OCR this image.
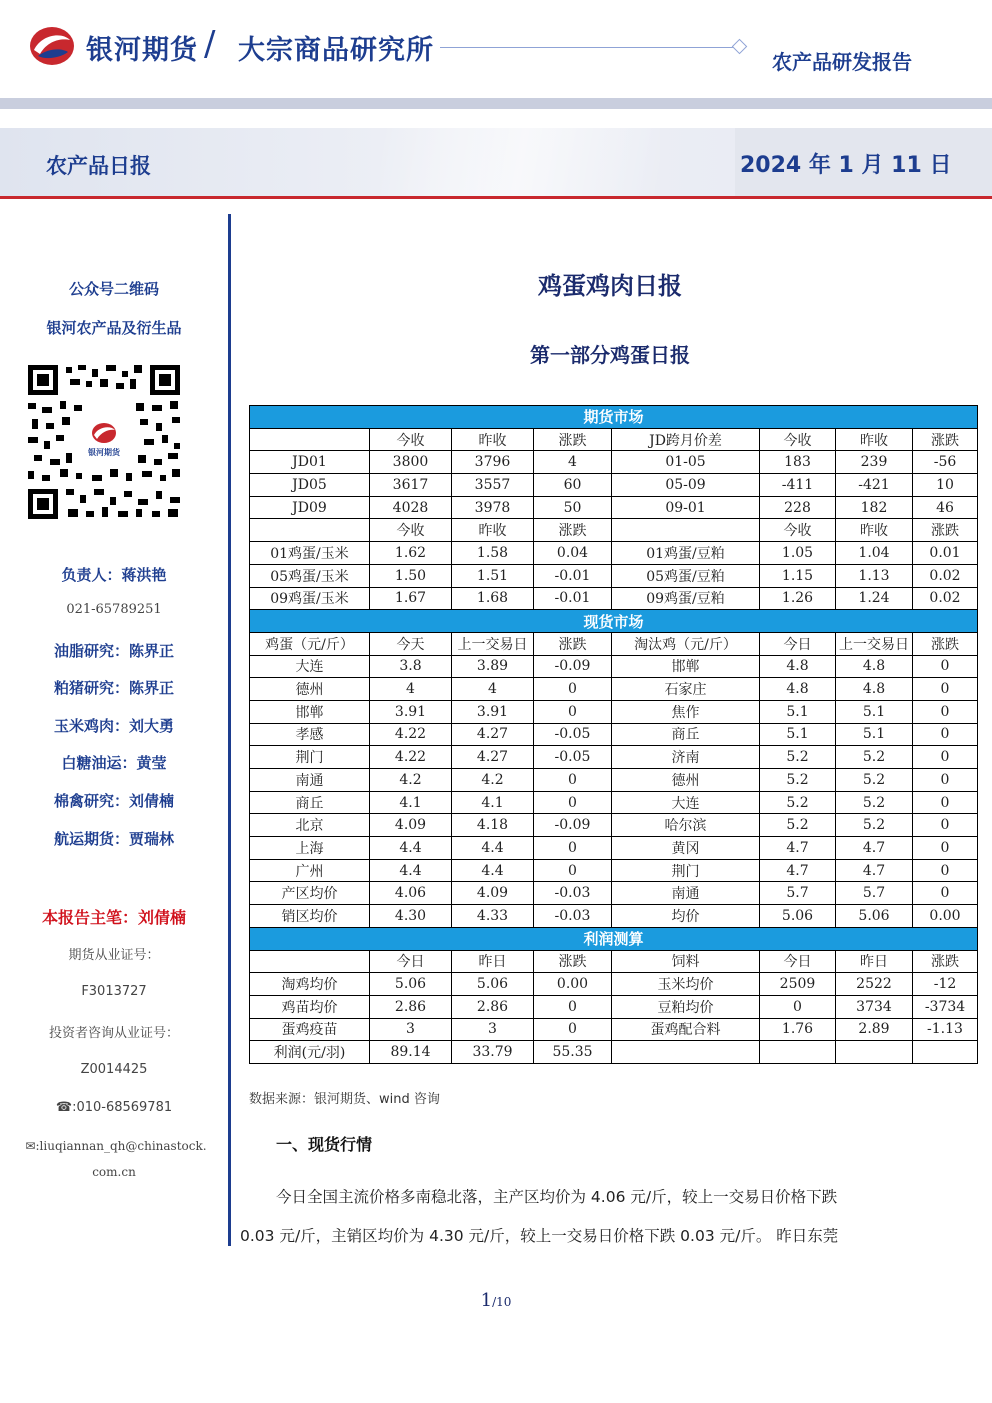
银河期货 / 大宗商品研究所	农产品研发报告
农产品日报	2024 年 1 月 11 日
公众号二维码
银河农产品及衍生品
银河期货
负责人：蒋洪艳
021-65789251
油脂研究：陈界正
粕猪研究：陈界正
玉米鸡肉：刘大勇
白糖油运：黄莹
棉禽研究：刘倩楠
航运期货：贾瑞林
本报告主笔：刘倩楠
期货从业证号：
F3013727
投资者咨询从业证号：
Z0014425
☎:010-68569781
✉:liuqiannan_qh@chinastock.
com.cn
鸡蛋鸡肉日报
第一部分鸡蛋日报
期货市场							
	今收	昨收	涨跌	JD跨月价差	今收	昨收	涨跌
JD01	3800	3796	4	01-05	183	239	-56
JD05	3617	3557	60	05-09	-411	-421	10
JD09	4028	3978	50	09-01	228	182	46
	今收	昨收	涨跌		今收	昨收	涨跌
01鸡蛋/玉米	1.62	1.58	0.04	01鸡蛋/豆粕	1.05	1.04	0.01
05鸡蛋/玉米	1.50	1.51	-0.01	05鸡蛋/豆粕	1.15	1.13	0.02
09鸡蛋/玉米	1.67	1.68	-0.01	09鸡蛋/豆粕	1.26	1.24	0.02
现货市场							
鸡蛋（元/斤）	今天	上一交易日	涨跌	淘汰鸡（元/斤）	今日	上一交易日	涨跌
大连	3.8	3.89	-0.09	邯郸	4.8	4.8	0
德州	4	4	0	石家庄	4.8	4.8	0
邯郸	3.91	3.91	0	焦作	5.1	5.1	0
孝感	4.22	4.27	-0.05	商丘	5.1	5.1	0
荆门	4.22	4.27	-0.05	济南	5.2	5.2	0
南通	4.2	4.2	0	德州	5.2	5.2	0
商丘	4.1	4.1	0	大连	5.2	5.2	0
北京	4.09	4.18	-0.09	哈尔滨	5.2	5.2	0
上海	4.4	4.4	0	黄冈	4.7	4.7	0
广州	4.4	4.4	0	荆门	4.7	4.7	0
产区均价	4.06	4.09	-0.03	南通	5.7	5.7	0
销区均价	4.30	4.33	-0.03	均价	5.06	5.06	0.00
利润测算							
	今日	昨日	涨跌	饲料	今日	昨日	涨跌
淘鸡均价	5.06	5.06	0.00	玉米均价	2509	2522	-12
鸡苗均价	2.86	2.86	0	豆粕均价	0	3734	-3734
蛋鸡疫苗	3	3	0	蛋鸡配合料	1.76	2.89	-1.13
利润(元/羽)	89.14	33.79	55.35				
数据来源：银河期货、wind 咨询
一、现货行情
今日全国主流价格多南稳北落，主产区均价为 4.06 元/斤，较上一交易日价格下跌
0.03 元/斤，主销区均价为 4.30 元/斤，较上一交易日价格下跌 0.03 元/斤。 昨日东莞
1/10
